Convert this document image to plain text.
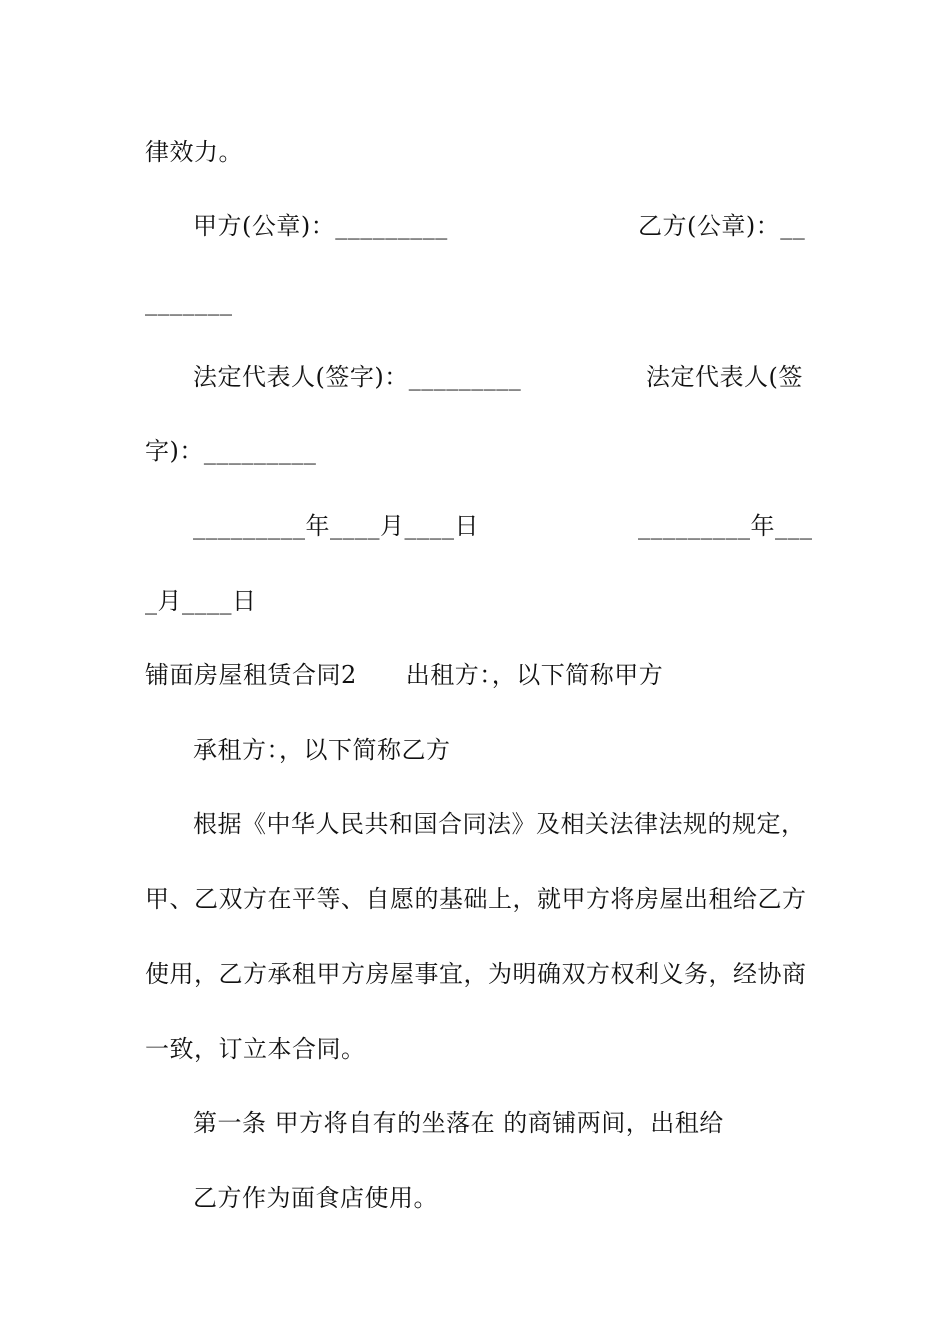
律效力。
甲方(公章)：_________	乙方(公章)：__
_______
法定代表人(签字)：_________	法定代表人(签
字)：_________
_________年____月____日	_________年___
_月____日
铺面房屋租赁合同2　　出租方：，以下简称甲方
承租方：，以下简称乙方
根据《中华人民共和国合同法》及相关法律法规的规定，
甲、乙双方在平等、自愿的基础上，就甲方将房屋出租给乙方
使用，乙方承租甲方房屋事宜，为明确双方权利义务，经协商
一致，订立本合同。
第一条 甲方将自有的坐落在 的商铺两间，出租给
乙方作为面食店使用。
